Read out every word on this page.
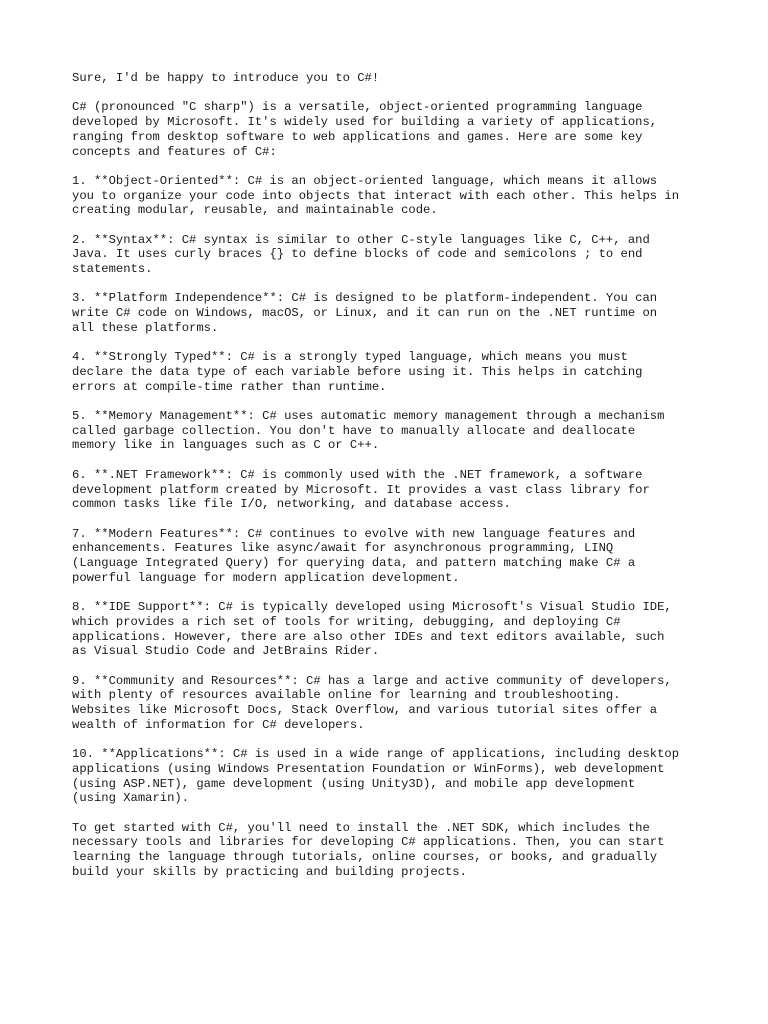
Sure, I'd be happy to introduce you to C#!

C# (pronounced "C sharp") is a versatile, object-oriented programming language
developed by Microsoft. It's widely used for building a variety of applications,
ranging from desktop software to web applications and games. Here are some key
concepts and features of C#:

1. **Object-Oriented**: C# is an object-oriented language, which means it allows
you to organize your code into objects that interact with each other. This helps in
creating modular, reusable, and maintainable code.

2. **Syntax**: C# syntax is similar to other C-style languages like C, C++, and
Java. It uses curly braces {} to define blocks of code and semicolons ; to end
statements.

3. **Platform Independence**: C# is designed to be platform-independent. You can
write C# code on Windows, macOS, or Linux, and it can run on the .NET runtime on
all these platforms.

4. **Strongly Typed**: C# is a strongly typed language, which means you must
declare the data type of each variable before using it. This helps in catching
errors at compile-time rather than runtime.

5. **Memory Management**: C# uses automatic memory management through a mechanism
called garbage collection. You don't have to manually allocate and deallocate
memory like in languages such as C or C++.

6. **.NET Framework**: C# is commonly used with the .NET framework, a software
development platform created by Microsoft. It provides a vast class library for
common tasks like file I/O, networking, and database access.

7. **Modern Features**: C# continues to evolve with new language features and
enhancements. Features like async/await for asynchronous programming, LINQ
(Language Integrated Query) for querying data, and pattern matching make C# a
powerful language for modern application development.

8. **IDE Support**: C# is typically developed using Microsoft's Visual Studio IDE,
which provides a rich set of tools for writing, debugging, and deploying C#
applications. However, there are also other IDEs and text editors available, such
as Visual Studio Code and JetBrains Rider.

9. **Community and Resources**: C# has a large and active community of developers,
with plenty of resources available online for learning and troubleshooting.
Websites like Microsoft Docs, Stack Overflow, and various tutorial sites offer a
wealth of information for C# developers.

10. **Applications**: C# is used in a wide range of applications, including desktop
applications (using Windows Presentation Foundation or WinForms), web development
(using ASP.NET), game development (using Unity3D), and mobile app development
(using Xamarin).

To get started with C#, you'll need to install the .NET SDK, which includes the
necessary tools and libraries for developing C# applications. Then, you can start
learning the language through tutorials, online courses, or books, and gradually
build your skills by practicing and building projects.
